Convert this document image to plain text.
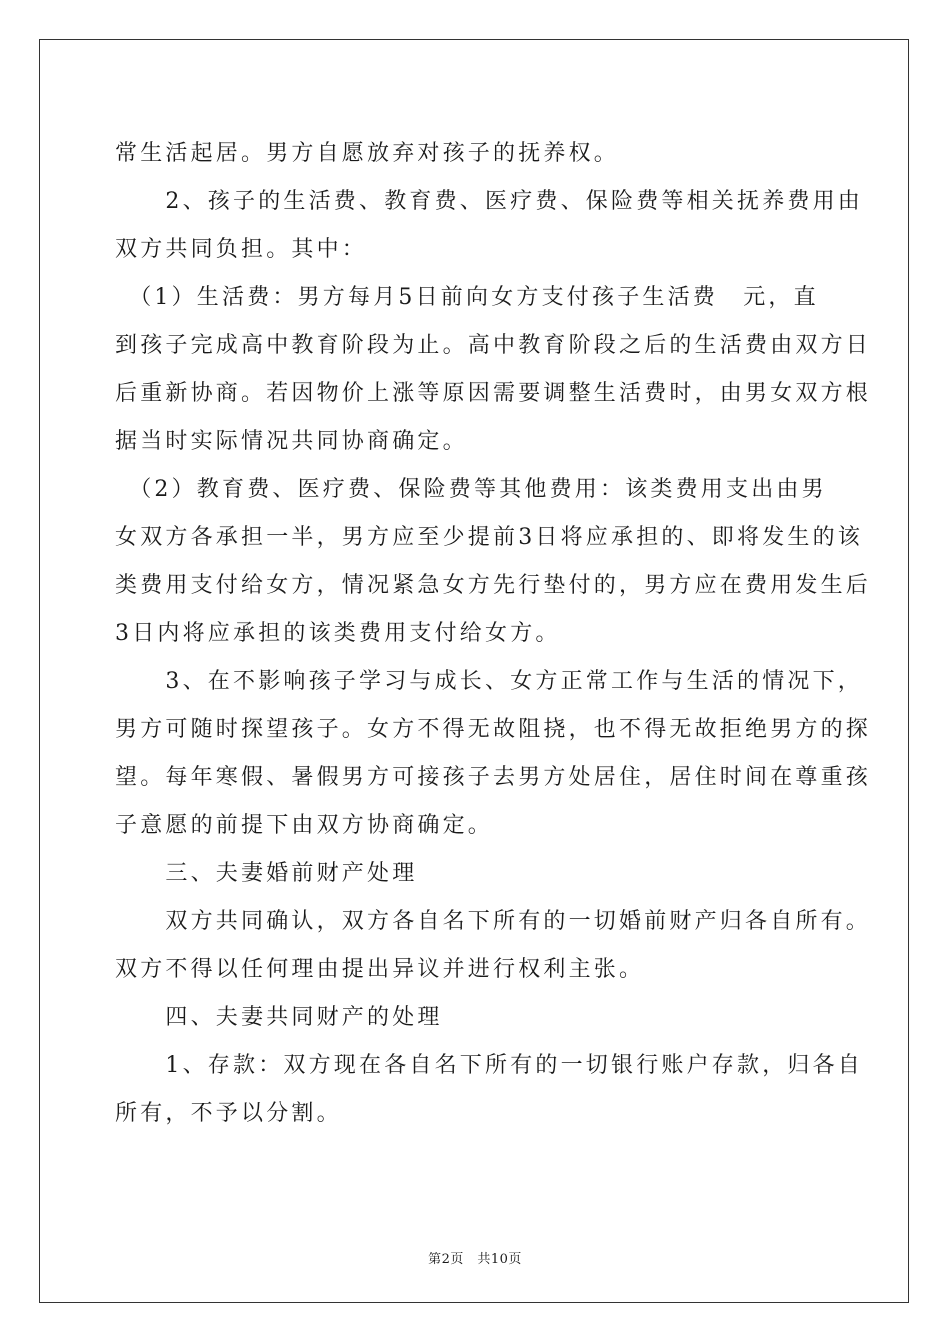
常生活起居。男方自愿放弃对孩子的抚养权。
　　2、孩子的生活费、教育费、医疗费、保险费等相关抚养费用由
双方共同负担。其中：
　（1）生活费：男方每月5日前向女方支付孩子生活费　元，直
到孩子完成高中教育阶段为止。高中教育阶段之后的生活费由双方日
后重新协商。若因物价上涨等原因需要调整生活费时，由男女双方根
据当时实际情况共同协商确定。
　（2）教育费、医疗费、保险费等其他费用：该类费用支出由男
女双方各承担一半，男方应至少提前3日将应承担的、即将发生的该
类费用支付给女方，情况紧急女方先行垫付的，男方应在费用发生后
3日内将应承担的该类费用支付给女方。
　　3、在不影响孩子学习与成长、女方正常工作与生活的情况下，
男方可随时探望孩子。女方不得无故阻挠，也不得无故拒绝男方的探
望。每年寒假、暑假男方可接孩子去男方处居住，居住时间在尊重孩
子意愿的前提下由双方协商确定。
　　三、夫妻婚前财产处理
　　双方共同确认，双方各自名下所有的一切婚前财产归各自所有。
双方不得以任何理由提出异议并进行权利主张。
　　四、夫妻共同财产的处理
　　1、存款：双方现在各自名下所有的一切银行账户存款，归各自
所有，不予以分割。
第2页　共10页
